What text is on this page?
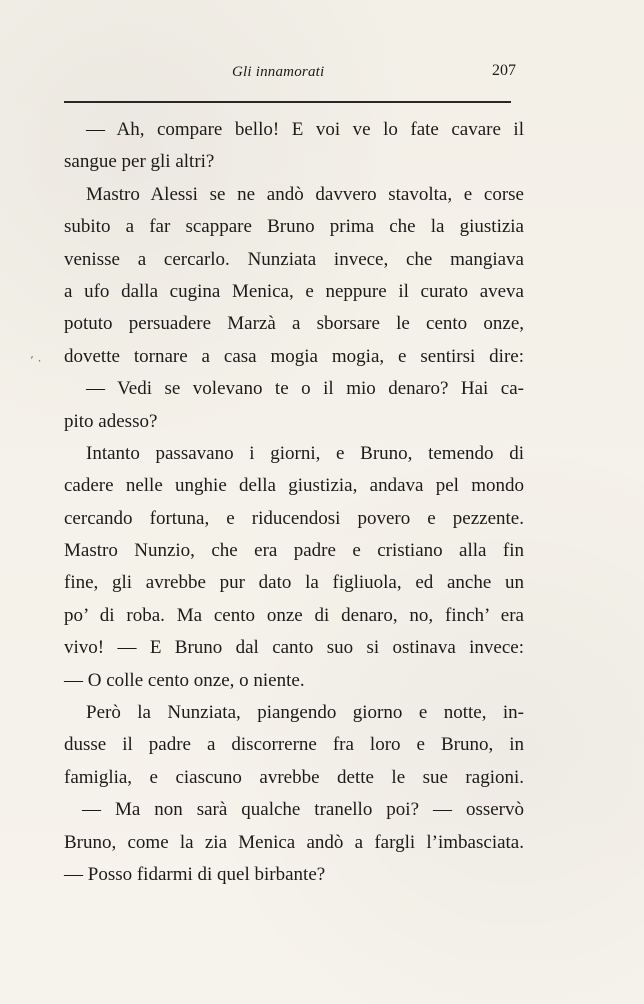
Gli innamorati	207
’ ·
— Ah, compare bello! E voi ve lo fate cavare il
sangue per gli altri?
Mastro Alessi se ne andò davvero stavolta, e corse
subito a far scappare Bruno prima che la giustizia
venisse a cercarlo. Nunziata invece, che mangiava
a ufo dalla cugina Menica, e neppure il curato aveva
potuto persuadere Marzà a sborsare le cento onze,
dovette tornare a casa mogia mogia, e sentirsi dire:
— Vedi se volevano te o il mio denaro? Hai ca-
pito adesso?
Intanto passavano i giorni, e Bruno, temendo di
cadere nelle unghie della giustizia, andava pel mondo
cercando fortuna, e riducendosi povero e pezzente.
Mastro Nunzio, che era padre e cristiano alla fin
fine, gli avrebbe pur dato la figliuola, ed anche un
po’ di roba. Ma cento onze di denaro, no, finch’ era
vivo! — E Bruno dal canto suo si ostinava invece:
— O colle cento onze, o niente.
Però la Nunziata, piangendo giorno e notte, in-
dusse il padre a discorrerne fra loro e Bruno, in
famiglia, e ciascuno avrebbe dette le sue ragioni.
— Ma non sarà qualche tranello poi? — osservò
Bruno, come la zia Menica andò a fargli l’imbasciata.
— Posso fidarmi di quel birbante?
